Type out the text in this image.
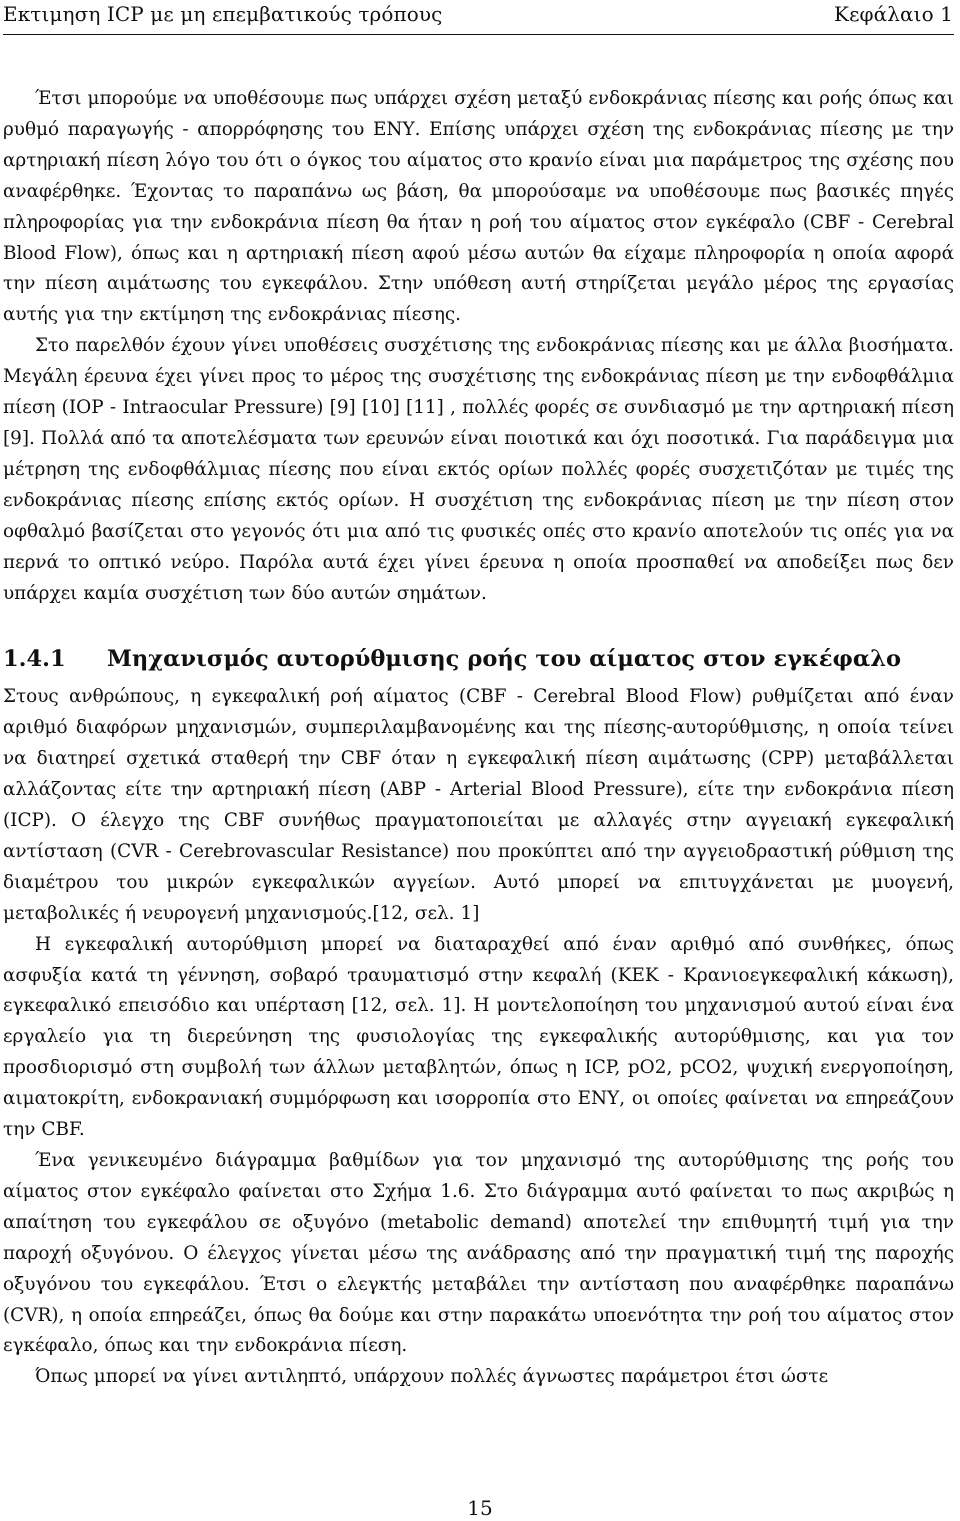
Εκτιμηση ICP με μη επεμβατικούς τρόπους	Κεφάλαιο 1

Έτσι μπορούμε να υποθέσουμε πως υπάρχει σχέση μεταξύ ενδοκράνιας πίεσης και ροής όπως και ρυθμό παραγωγής - απορρόφησης του ΕΝΥ. Επίσης υπάρχει σχέση της ενδοκράνιας πίεσης με την αρτηριακή πίεση λόγο του ότι ο όγκος του αίματος στο κρανίο είναι μια παράμετρος της σχέσης που αναφέρθηκε. Έχοντας το παραπάνω ως βάση, θα μπορούσαμε να υποθέσουμε πως βασικές πηγές πληροφορίας για την ενδοκράνια πίεση θα ήταν η ροή του αίματος στον εγκέφαλο (CBF - Cerebral Blood Flow), όπως και η αρτηριακή πίεση αφού μέσω αυτών θα είχαμε πληροφορία η οποία αφορά την πίεση αιμάτωσης του εγκεφάλου. Στην υπόθεση αυτή στηρίζεται μεγάλο μέρος της εργασίας αυτής για την εκτίμηση της ενδοκράνιας πίεσης.

Στο παρελθόν έχουν γίνει υποθέσεις συσχέτισης της ενδοκράνιας πίεσης και με άλλα βιοσήματα. Μεγάλη έρευνα έχει γίνει προς το μέρος της συσχέτισης της ενδοκράνιας πίεση με την ενδοφθάλμια πίεση (IOP - Intraocular Pressure) [9] [10] [11] , πολλές φορές σε συνδιασμό με την αρτηριακή πίεση [9]. Πολλά από τα αποτελέσματα των ερευνών είναι ποιοτικά και όχι ποσοτικά. Για παράδειγμα μια μέτρηση της ενδοφθάλμιας πίεσης που είναι εκτός ορίων πολλές φορές συσχετιζόταν με τιμές της ενδοκράνιας πίεσης επίσης εκτός ορίων. Η συσχέτιση της ενδοκράνιας πίεση με την πίεση στον οφθαλμό βασίζεται στο γεγονός ότι μια από τις φυσικές οπές στο κρανίο αποτελούν τις οπές για να περνά το οπτικό νεύρο. Παρόλα αυτά έχει γίνει έρευνα η οποία προσπαθεί να αποδείξει πως δεν υπάρχει καμία συσχέτιση των δύο αυτών σημάτων.

1.4.1 Μηχανισμός αυτορύθμισης ροής του αίματος στον εγκέφαλο

Στους ανθρώπους, η εγκεφαλική ροή αίματος (CBF - Cerebral Blood Flow) ρυθμίζεται από έναν αριθμό διαφόρων μηχανισμών, συμπεριλαμβανομένης και της πίεσης-αυτορύθμισης, η οποία τείνει να διατηρεί σχετικά σταθερή την CBF όταν η εγκεφαλική πίεση αιμάτωσης (CPP) μεταβάλλεται αλλάζοντας είτε την αρτηριακή πίεση (ABP - Arterial Blood Pressure), είτε την ενδοκράνια πίεση (ICP). Ο έλεγχο της CBF συνήθως πραγματοποιείται με αλλαγές στην αγγειακή εγκεφαλική αντίσταση (CVR - Cerebrovascular Resistance) που προκύπτει από την αγγειοδραστική ρύθμιση της διαμέτρου του μικρών εγκεφαλικών αγγείων. Αυτό μπορεί να επιτυγχάνεται με μυογενή, μεταβολικές ή νευρογενή μηχανισμούς.[12, σελ. 1]

Η εγκεφαλική αυτορύθμιση μπορεί να διαταραχθεί από έναν αριθμό από συνθήκες, όπως ασφυξία κατά τη γέννηση, σοβαρό τραυματισμό στην κεφαλή (ΚΕΚ - Κρανιοεγκεφαλική κάκωση), εγκεφαλικό επεισόδιο και υπέρταση [12, σελ. 1]. Η μοντελοποίηση του μηχανισμού αυτού είναι ένα εργαλείο για τη διερεύνηση της φυσιολογίας της εγκεφαλικής αυτορύθμισης, και για τον προσδιορισμό στη συμβολή των άλλων μεταβλητών, όπως η ICP, pO2, pCO2, ψυχική ενεργοποίηση, αιματοκρίτη, ενδοκρανιακή συμμόρφωση και ισορροπία στο ΕΝΥ, οι οποίες φαίνεται να επηρεάζουν την CBF.

Ένα γενικευμένο διάγραμμα βαθμίδων για τον μηχανισμό της αυτορύθμισης της ροής του αίματος στον εγκέφαλο φαίνεται στο Σχήμα 1.6. Στο διάγραμμα αυτό φαίνεται το πως ακριβώς η απαίτηση του εγκεφάλου σε οξυγόνο (metabolic demand) αποτελεί την επιθυμητή τιμή για την παροχή οξυγόνου. Ο έλεγχος γίνεται μέσω της ανάδρασης από την πραγματική τιμή της παροχής οξυγόνου του εγκεφάλου. Έτσι ο ελεγκτής μεταβάλει την αντίσταση που αναφέρθηκε παραπάνω (CVR), η οποία επηρεάζει, όπως θα δούμε και στην παρακάτω υποενότητα την ροή του αίματος στον εγκέφαλο, όπως και την ενδοκράνια πίεση.

Όπως μπορεί να γίνει αντιληπτό, υπάρχουν πολλές άγνωστες παράμετροι έτσι ώστε

15
